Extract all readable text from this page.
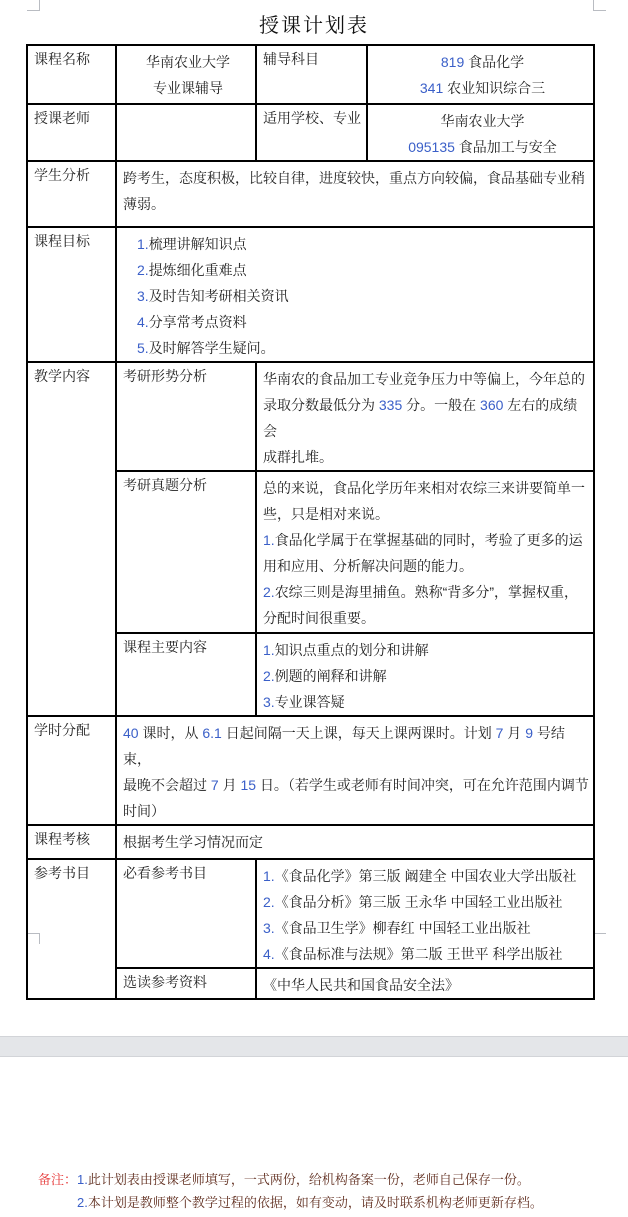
授课计划表
课程名称	华南农业大学
专业课辅导
	辅导科目	819 食品化学
341 农业知识综合三

授课老师		适用学校、专业	华南农业大学
095135 食品加工与安全

学生分析	跨考生，态度积极，比较自律，进度较快，重点方向较偏，食品基础专业稍
薄弱。		

课程目标	1.梳理讲解知识点
2.提炼细化重难点
3.及时告知考研相关资讯
4.分享常考点资料
5.及时解答学生疑问。		

教学内容	考研形势分析	华南农的食品加工专业竞争压力中等偏上，今年总的
录取分数最低分为 335 分。一般在 360 左右的成绩会
成群扎堆。	

考研真题分析	总的来说，食品化学历年来相对农综三来讲要简单一
些，只是相对来说。
1.食品化学属于在掌握基础的同时，考验了更多的运
用和应用、分析解决问题的能力。
2.农综三则是海里捕鱼。熟称“背多分”，掌握权重，
分配时间很重要。

	课程主要内容	1.知识点重点的划分和讲解
2.例题的阐释和讲解
3.专业课答疑	

学时分配	40 课时，从 6.1 日起间隔一天上课，每天上课两课时。计划 7 月 9 号结束，
最晚不会超过 7 月 15 日。（若学生或老师有时间冲突，可在允许范围内调节
时间）		

课程考核	根据考生学习情况而定		

参考书目	必看参考书目	1.《食品化学》第三版 阚建全 中国农业大学出版社
2.《食品分析》第三版 王永华 中国轻工业出版社
3.《食品卫生学》柳春红 中国轻工业出版社
4.《食品标准与法规》第二版 王世平 科学出版社	

	选读参考资料	《中华人民共和国食品安全法》	
备注： 1.此计划表由授课老师填写，一式两份，给机构备案一份，老师自己保存一份。
2.本计划是教师整个教学过程的依据，如有变动，请及时联系机构老师更新存档。
